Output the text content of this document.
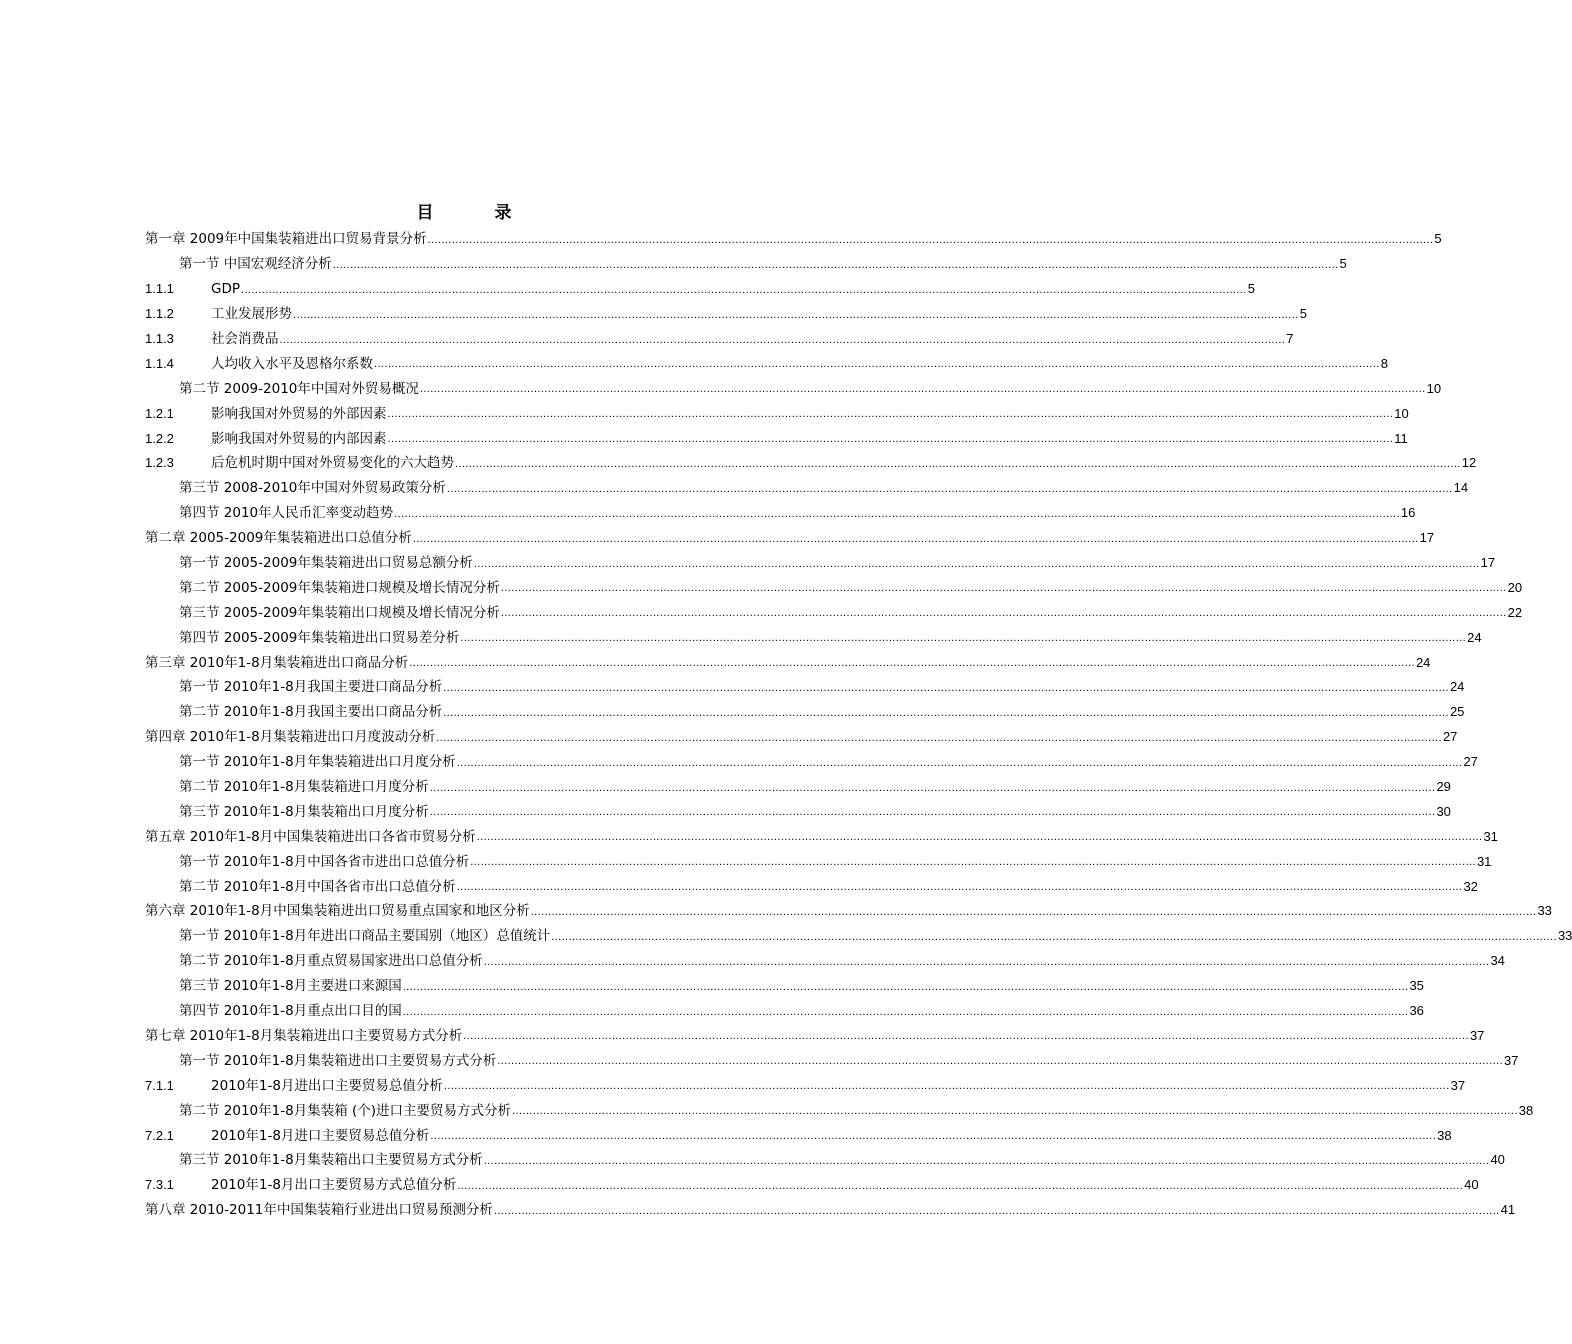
目　录
第一章 2009年中国集装箱进出口贸易背景分析 .....	5
第一节 中国宏观经济分析 .....	5
1.1.1	GDP .....	5
1.1.2	工业发展形势 .....	5
1.1.3	社会消费品 .....	7
1.1.4	人均收入水平及恩格尔系数 .....	8
第二节 2009-2010年中国对外贸易概况 .....	10
1.2.1	影响我国对外贸易的外部因素 .....	10
1.2.2	影响我国对外贸易的内部因素 .....	11
1.2.3	后危机时期中国对外贸易变化的六大趋势 .....	12
第三节 2008-2010年中国对外贸易政策分析 .....	14
第四节 2010年人民币汇率变动趋势 .....	16
第二章 2005-2009年集装箱进出口总值分析 .....	17
第一节 2005-2009年集装箱进出口贸易总额分析 .....	17
第二节 2005-2009年集装箱进口规模及增长情况分析 .....	20
第三节 2005-2009年集装箱出口规模及增长情况分析 .....	22
第四节 2005-2009年集装箱进出口贸易差分析 .....	24
第三章 2010年1-8月集装箱进出口商品分析 .....	24
第一节 2010年1-8月我国主要进口商品分析 .....	24
第二节 2010年1-8月我国主要出口商品分析 .....	25
第四章 2010年1-8月集装箱进出口月度波动分析 .....	27
第一节 2010年1-8月年集装箱进出口月度分析 .....	27
第二节 2010年1-8月集装箱进口月度分析 .....	29
第三节 2010年1-8月集装箱出口月度分析 .....	30
第五章 2010年1-8月中国集装箱进出口各省市贸易分析 .....	31
第一节 2010年1-8月中国各省市进出口总值分析 .....	31
第二节 2010年1-8月中国各省市出口总值分析 .....	32
第六章 2010年1-8月中国集装箱进出口贸易重点国家和地区分析 .....	33
第一节 2010年1-8月年进出口商品主要国别（地区）总值统计 .....	33
第二节 2010年1-8月重点贸易国家进出口总值分析 .....	34
第三节 2010年1-8月主要进口来源国 .....	35
第四节 2010年1-8月重点出口目的国 .....	36
第七章 2010年1-8月集装箱进出口主要贸易方式分析 .....	37
第一节 2010年1-8月集装箱进出口主要贸易方式分析 .....	37
7.1.1	2010年1-8月进出口主要贸易总值分析 .....	37
第二节 2010年1-8月集装箱 (个)进口主要贸易方式分析 .....	38
7.2.1	2010年1-8月进口主要贸易总值分析 .....	38
第三节 2010年1-8月集装箱出口主要贸易方式分析 .....	40
7.3.1	2010年1-8月出口主要贸易方式总值分析 .....	40
第八章 2010-2011年中国集装箱行业进出口贸易预测分析 .....	41
